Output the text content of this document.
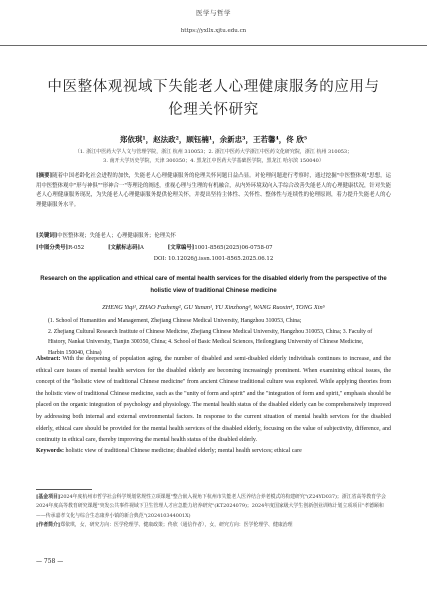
医学与哲学
https://yxllx.xjtu.edu.cn
中医整体观视域下失能老人心理健康服务的应用与伦理关怀研究
郑依琪¹，赵法政²，顾钰楠¹，余新忠³，王若馨⁴，佟 欣⁵
（1. 浙江中医药大学人文与管理学院，浙江 杭州 310053；2. 浙江中医药大学浙江中医药文化研究院，浙江 杭州 310053；
3. 南开大学历史学院，天津 300350；4. 黑龙江中医药大学基础医学院，黑龙江 哈尔滨 150040）
[摘要]随着中国老龄化社会进程的加快，失能老人心理健康服务的伦理关怀问题日益凸显。对伦理问题进行考察时，通过挖掘"中医整体观"思想，运用中医整体观中"形与神俱""形神合一"等理论的阐述，重视心理与生理的有机融合，从内外环境双向入手综合改善失能老人的心理健康状况，针对失能老人心理健康服务现况，为失能老人心理健康服务提供伦理关怀，并提出坚持主体性、关怀性、整体性与连续性的伦理原则，着力提升失能老人的心理健康服务水平。
[关键词]中医整体观；失能老人；心理健康服务；伦理关怀
[中图分类号]R-052	[文献标志码]A	[文章编号]1001-8565(2025)06-0758-07
DOI: 10.12026/j.issn.1001-8565.2025.06.12
Research on the application and ethical care of mental health services for the disabled elderly from the perspective of the holistic view of traditional Chinese medicine
ZHENG Yiqi¹, ZHAO Fazheng², GU Yunan¹, YU Xinzhong³, WANG Ruoxin⁴, TONG Xin⁵
(1. School of Humanities and Management, Zhejiang Chinese Medical University, Hangzhou 310053, China;
2. Zhejiang Cultural Research Institute of Chinese Medicine, Zhejiang Chinese Medical University, Hangzhou 310053, China; 3. Faculty of History, Nankai University, Tianjin 300350, China; 4. School of Basic Medical Sciences, Heilongjiang University of Chinese Medicine, Harbin 150040, China)
Abstract: With the deepening of population aging, the number of disabled and semi-disabled elderly individuals continues to increase, and the ethical care issues of mental health services for the disabled elderly are becoming increasingly prominent. When examining ethical issues, the concept of the "holistic view of traditional Chinese medicine" from ancient Chinese traditional culture was explored. While applying theories from the holistic view of traditional Chinese medicine, such as the "unity of form and spirit" and the "integration of form and spirit," emphasis should be placed on the organic integration of psychology and physiology. The mental health status of the disabled elderly can be comprehensively improved by addressing both internal and external environmental factors. In response to the current situation of mental health services for the disabled elderly, ethical care should be provided for the mental health services of the disabled elderly, focusing on the value of subjectivity, difference, and continuity in ethical care, thereby improving the mental health status of the disabled elderly.
Keywords: holistic view of traditional Chinese medicine; disabled elderly; mental health services; ethical care
[基金项目]2024年度杭州市哲学社会科学规划常规性立项课题"整合嵌入视角下杭州市失能老人医养结合养老模式的构建研究"(Z24YD037)；浙江省高等教育学会2024年度高等教育研究课题"突发公共事件视域下卫生管理人才应急能力培养研究"(KT2024079)；2024年度国家级大学生创新创业训练计划立项项目"孝德颐和——传承嘉孝文化与综合生态康养小镇的新合典范"(202410344001X)
[作者简介]郑依琪，女，研究方向：医学伦理学、健康政策；佟欣（通信作者），女，研究方向：医学伦理学、健康治理
— 758 —
